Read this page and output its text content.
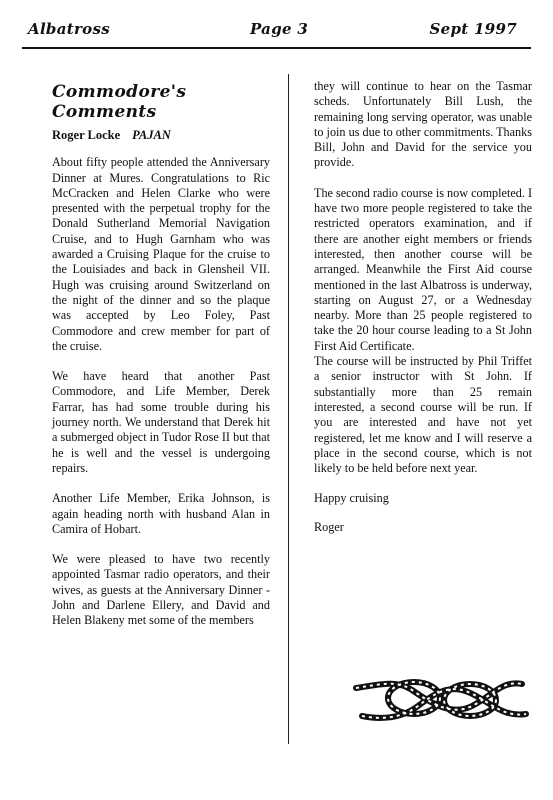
Albatross	Page 3	Sept 1997
Commodore's Comments
Roger Locke PAJAN

About fifty people attended the Anniversary Dinner at Mures. Congratulations to Ric McCracken and Helen Clarke who were presented with the perpetual trophy for the Donald Sutherland Memorial Navigation Cruise, and to Hugh Garnham who was awarded a Cruising Plaque for the cruise to the Louisiades and back in Glensheil VII. Hugh was cruising around Switzerland on the night of the dinner and so the plaque was accepted by Leo Foley, Past Commodore and crew member for part of the cruise.

We have heard that another Past Commodore, and Life Member, Derek Farrar, has had some trouble during his journey north. We understand that Derek hit a submerged object in Tudor Rose II but that he is well and the vessel is undergoing repairs.

Another Life Member, Erika Johnson, is again heading north with husband Alan in Camira of Hobart.

We were pleased to have two recently appointed Tasmar radio operators, and their wives, as guests at the Anniversary Dinner - John and Darlene Ellery, and David and Helen Blakeny met some of the members

they will continue to hear on the Tasmar scheds. Unfortunately Bill Lush, the remaining long serving operator, was unable to join us due to other commitments. Thanks Bill, John and David for the service you provide.

The second radio course is now completed. I have two more people registered to take the restricted operators examination, and if there are another eight members or friends interested, then another course will be arranged. Meanwhile the First Aid course mentioned in the last Albatross is underway, starting on August 27, or a Wednesday nearby. More than 25 people registered to take the 20 hour course leading to a St John First Aid Certificate.

The course will be instructed by Phil Triffet a senior instructor with St John. If substantially more than 25 remain interested, a second course will be run. If you are interested and have not yet registered, let me know and I will reserve a place in the second course, which is not likely to be held before next year.

Happy cruising

Roger
